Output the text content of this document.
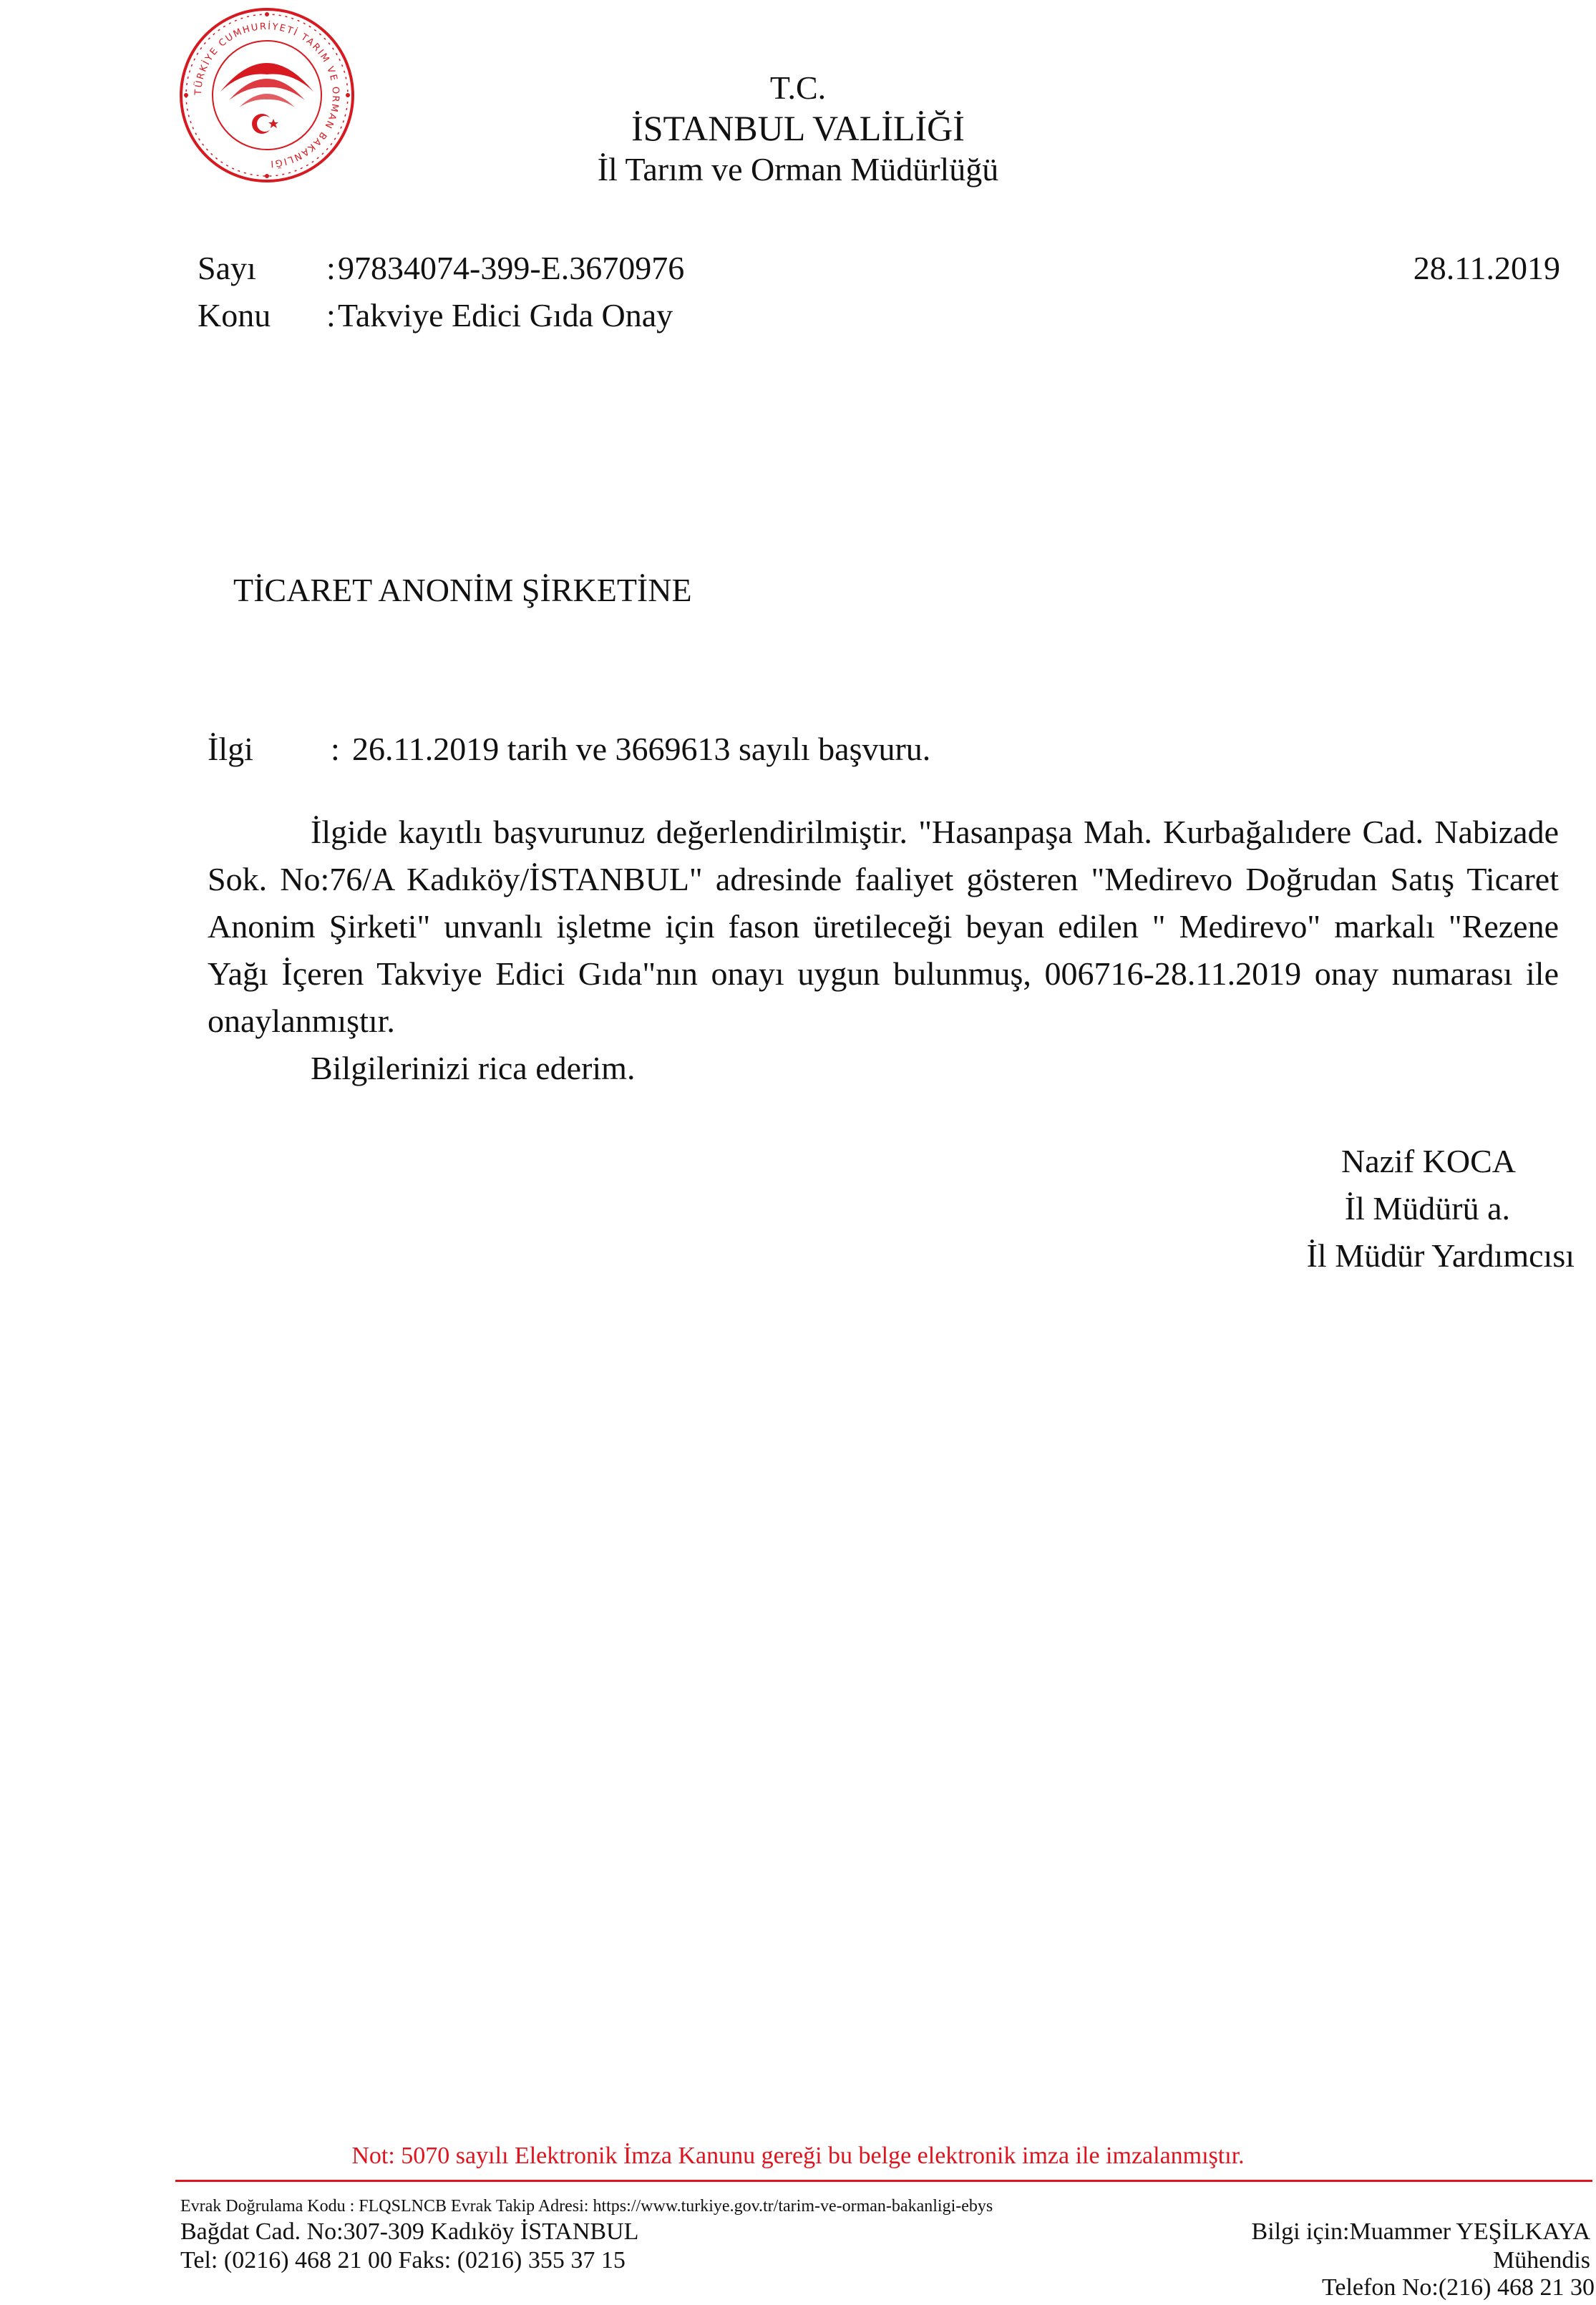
TÜRKİYE CUMHURİYETİ TARIM VE ORMAN BAKANLIĞI
T.C.
İSTANBUL VALİLİĞİ
İl Tarım ve Orman Müdürlüğü
Sayı : 97834074-399-E.3670976	28.11.2019
Konu : Takviye Edici Gıda Onay
TİCARET ANONİM ŞİRKETİNE
İlgi : 26.11.2019 tarih ve 3669613 sayılı başvuru.

İlgide kayıtlı başvurunuz değerlendirilmiştir. "Hasanpaşa Mah. Kurbağalıdere Cad. Nabizade Sok. No:76/A Kadıköy/İSTANBUL" adresinde faaliyet gösteren "Medirevo Doğrudan Satış Ticaret Anonim Şirketi" unvanlı işletme için fason üretileceği beyan edilen " Medirevo" markalı "Rezene Yağı İçeren Takviye Edici Gıda"nın onayı uygun bulunmuş, 006716-28.11.2019 onay numarası ile onaylanmıştır.

Bilgilerinizi rica ederim.

Nazif KOCA
İl Müdürü a.
İl Müdür Yardımcısı
Not: 5070 sayılı Elektronik İmza Kanunu gereği bu belge elektronik imza ile imzalanmıştır.
Evrak Doğrulama Kodu : FLQSLNCB Evrak Takip Adresi: https://www.turkiye.gov.tr/tarim-ve-orman-bakanligi-ebys
Bağdat Cad. No:307-309 Kadıköy İSTANBUL
Tel: (0216) 468 21 00 Faks: (0216) 355 37 15
Bilgi için:Muammer YEŞİLKAYA
Mühendis
Telefon No:(216) 468 21 30
